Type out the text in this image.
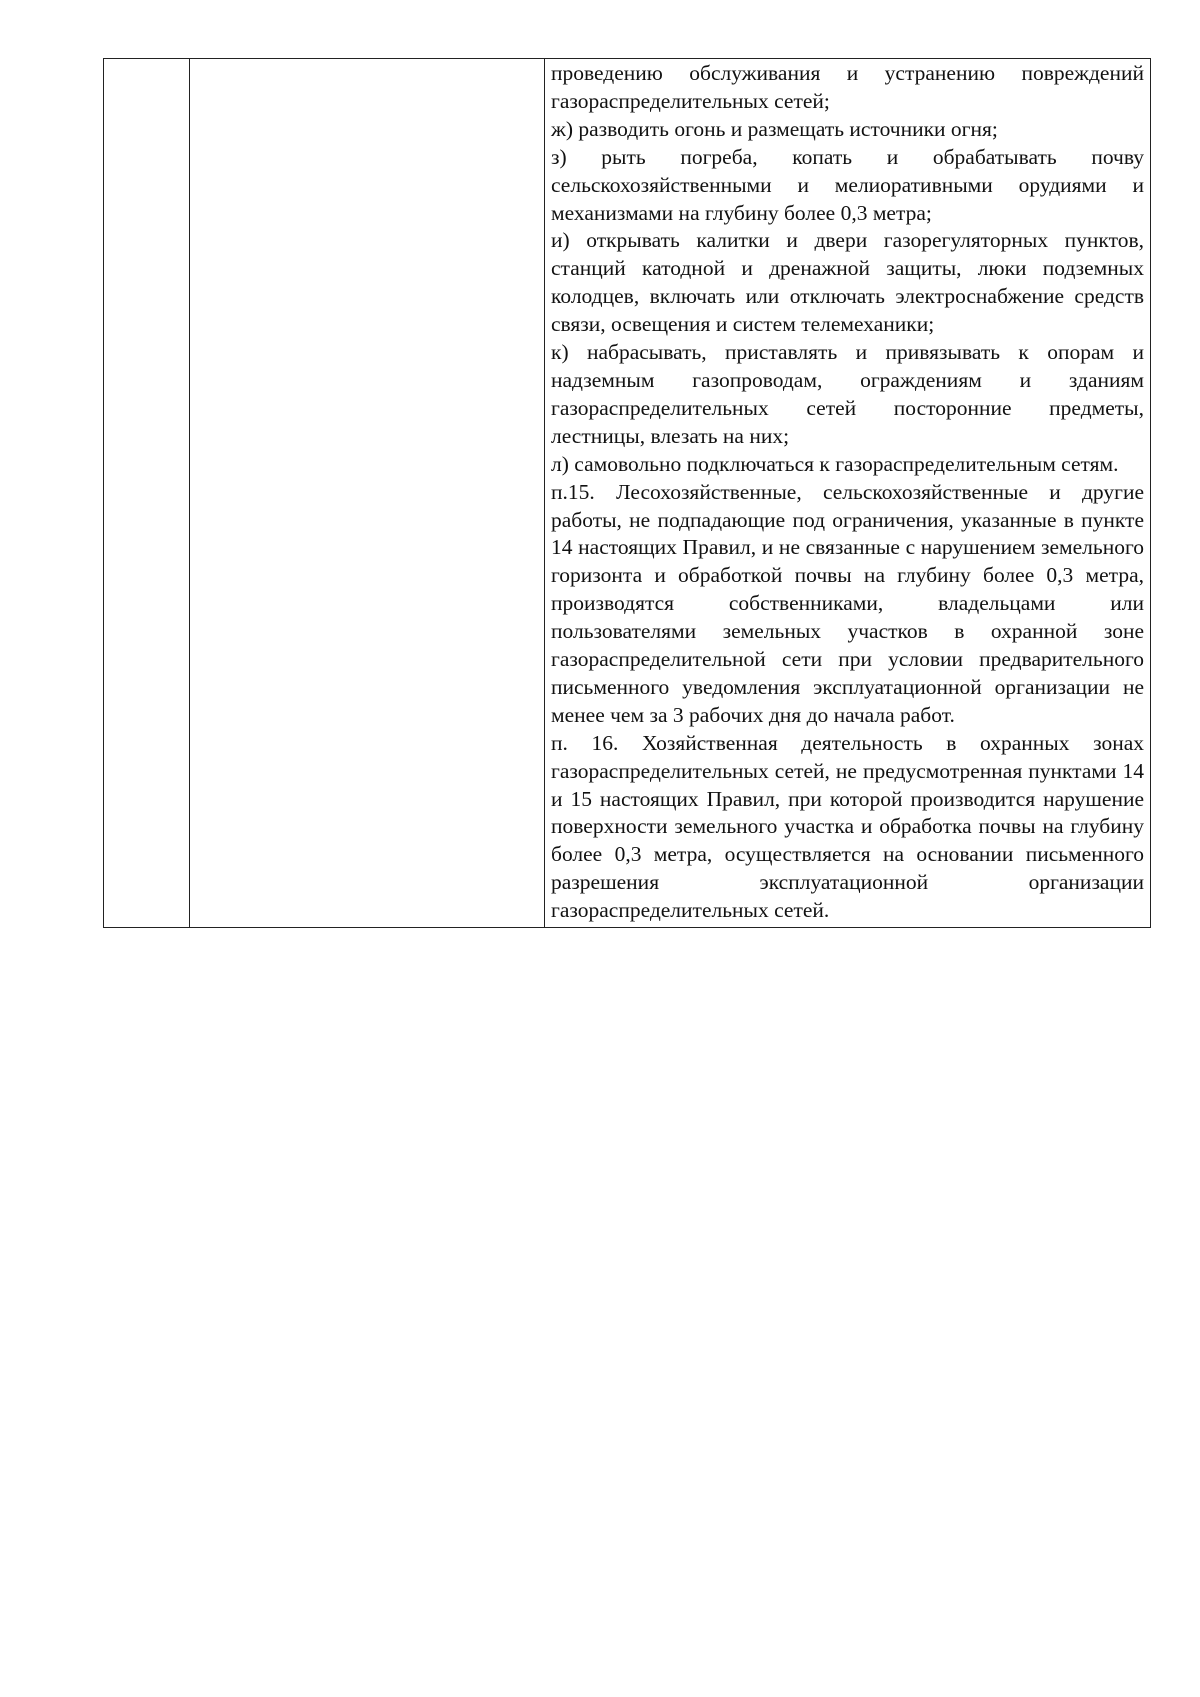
проведению обслуживания и устранению повреждений газораспределительных сетей;

ж) разводить огонь и размещать источники огня;

з) рыть погреба, копать и обрабатывать почву сельскохозяйственными и мелиоративными орудиями и механизмами на глубину более 0,3 метра;

и) открывать калитки и двери газорегуляторных пунктов, станций катодной и дренажной защиты, люки подземных колодцев, включать или отключать электроснабжение средств связи, освещения и систем телемеханики;

к) набрасывать, приставлять и привязывать к опорам и надземным газопроводам, ограждениям и зданиям газораспределительных сетей посторонние предметы, лестницы, влезать на них;

л) самовольно подключаться к газораспределительным сетям.

п.15. Лесохозяйственные, сельскохозяйственные и другие работы, не подпадающие под ограничения, указанные в пункте 14 настоящих Правил, и не связанные с нарушением земельного горизонта и обработкой почвы на глубину более 0,3 метра, производятся собственниками, владельцами или пользователями земельных участков в охранной зоне газораспределительной сети при условии предварительного письменного уведомления эксплуатационной организации не менее чем за 3 рабочих дня до начала работ.

п. 16. Хозяйственная деятельность в охранных зонах газораспределительных сетей, не предусмотренная пунктами 14 и 15 настоящих Правил, при которой производится нарушение поверхности земельного участка и обработка почвы на глубину более 0,3 метра, осуществляется на основании письменного разрешения эксплуатационной организации газораспределительных сетей.
